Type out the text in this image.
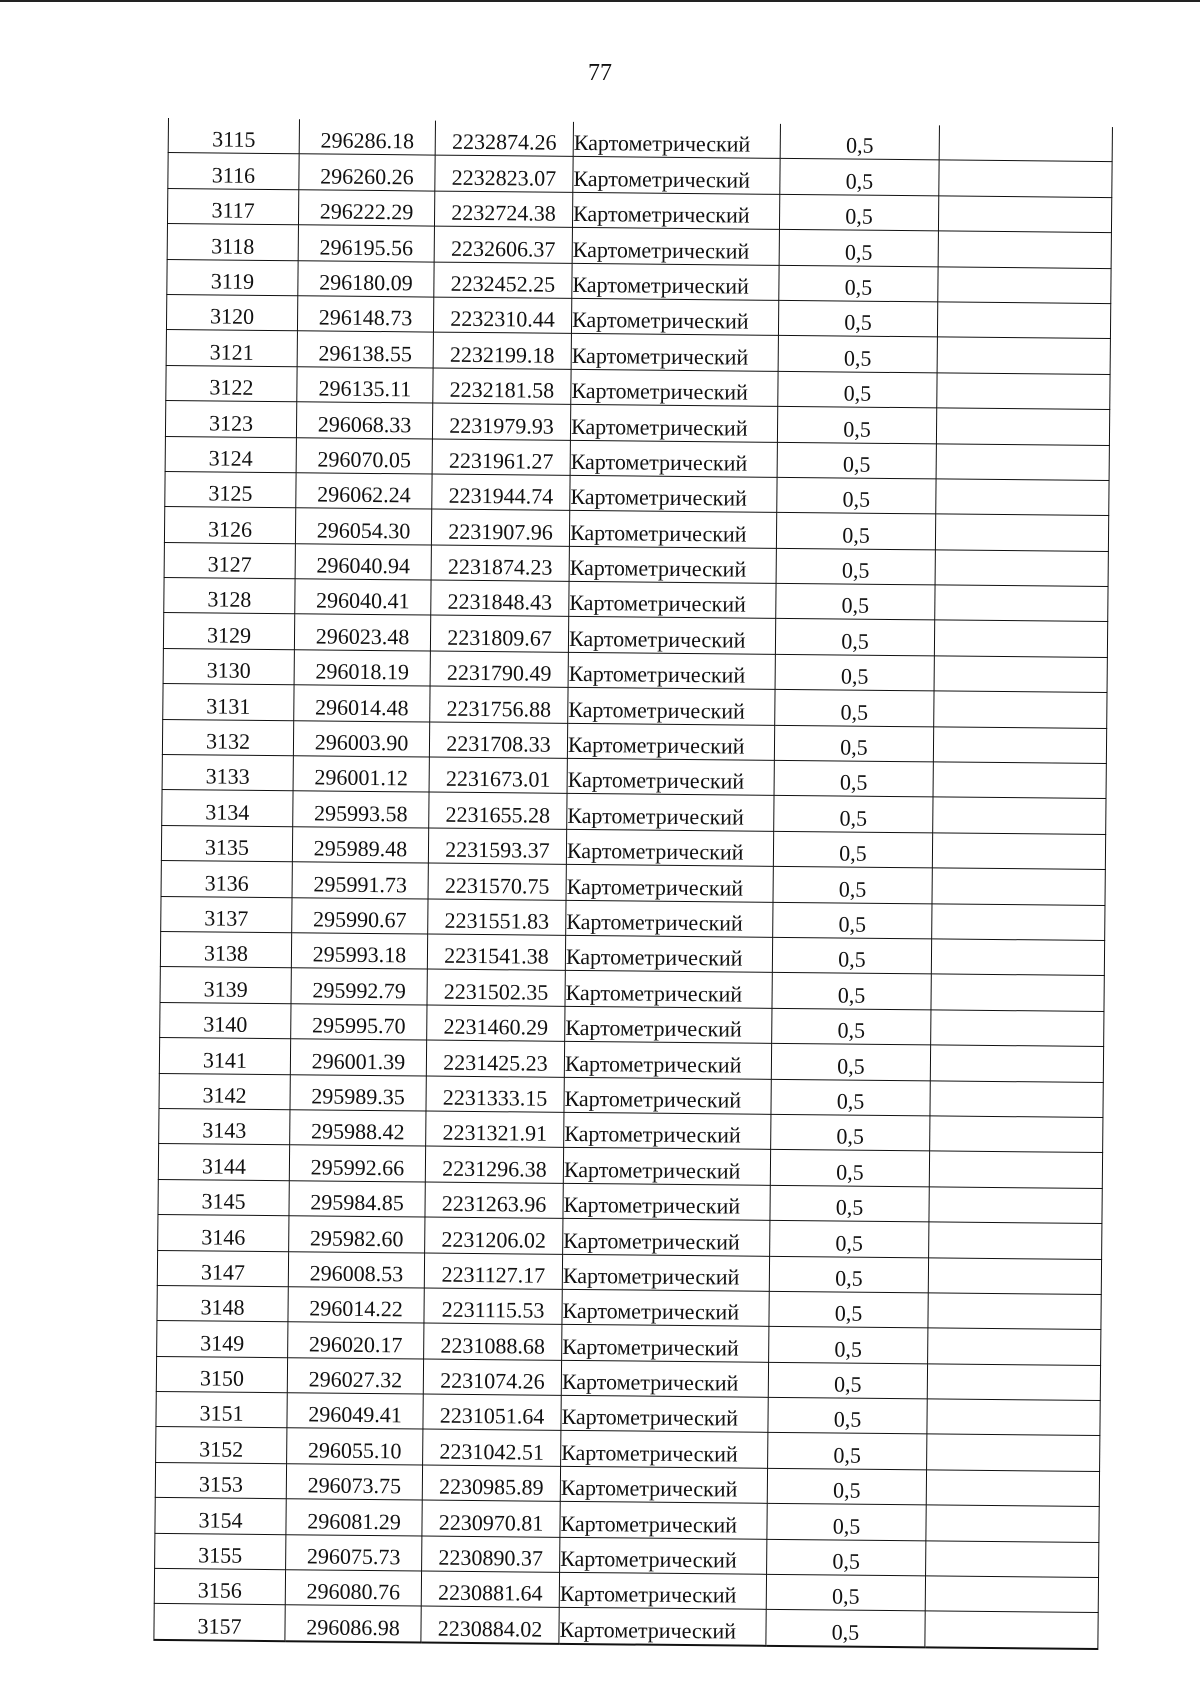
77
3115	296286.18	2232874.26	Картометрический	0,5	
3116	296260.26	2232823.07	Картометрический	0,5	
3117	296222.29	2232724.38	Картометрический	0,5	
3118	296195.56	2232606.37	Картометрический	0,5	
3119	296180.09	2232452.25	Картометрический	0,5	
3120	296148.73	2232310.44	Картометрический	0,5	
3121	296138.55	2232199.18	Картометрический	0,5	
3122	296135.11	2232181.58	Картометрический	0,5	
3123	296068.33	2231979.93	Картометрический	0,5	
3124	296070.05	2231961.27	Картометрический	0,5	
3125	296062.24	2231944.74	Картометрический	0,5	
3126	296054.30	2231907.96	Картометрический	0,5	
3127	296040.94	2231874.23	Картометрический	0,5	
3128	296040.41	2231848.43	Картометрический	0,5	
3129	296023.48	2231809.67	Картометрический	0,5	
3130	296018.19	2231790.49	Картометрический	0,5	
3131	296014.48	2231756.88	Картометрический	0,5	
3132	296003.90	2231708.33	Картометрический	0,5	
3133	296001.12	2231673.01	Картометрический	0,5	
3134	295993.58	2231655.28	Картометрический	0,5	
3135	295989.48	2231593.37	Картометрический	0,5	
3136	295991.73	2231570.75	Картометрический	0,5	
3137	295990.67	2231551.83	Картометрический	0,5	
3138	295993.18	2231541.38	Картометрический	0,5	
3139	295992.79	2231502.35	Картометрический	0,5	
3140	295995.70	2231460.29	Картометрический	0,5	
3141	296001.39	2231425.23	Картометрический	0,5	
3142	295989.35	2231333.15	Картометрический	0,5	
3143	295988.42	2231321.91	Картометрический	0,5	
3144	295992.66	2231296.38	Картометрический	0,5	
3145	295984.85	2231263.96	Картометрический	0,5	
3146	295982.60	2231206.02	Картометрический	0,5	
3147	296008.53	2231127.17	Картометрический	0,5	
3148	296014.22	2231115.53	Картометрический	0,5	
3149	296020.17	2231088.68	Картометрический	0,5	
3150	296027.32	2231074.26	Картометрический	0,5	
3151	296049.41	2231051.64	Картометрический	0,5	
3152	296055.10	2231042.51	Картометрический	0,5	
3153	296073.75	2230985.89	Картометрический	0,5	
3154	296081.29	2230970.81	Картометрический	0,5	
3155	296075.73	2230890.37	Картометрический	0,5	
3156	296080.76	2230881.64	Картометрический	0,5	
3157	296086.98	2230884.02	Картометрический	0,5	
